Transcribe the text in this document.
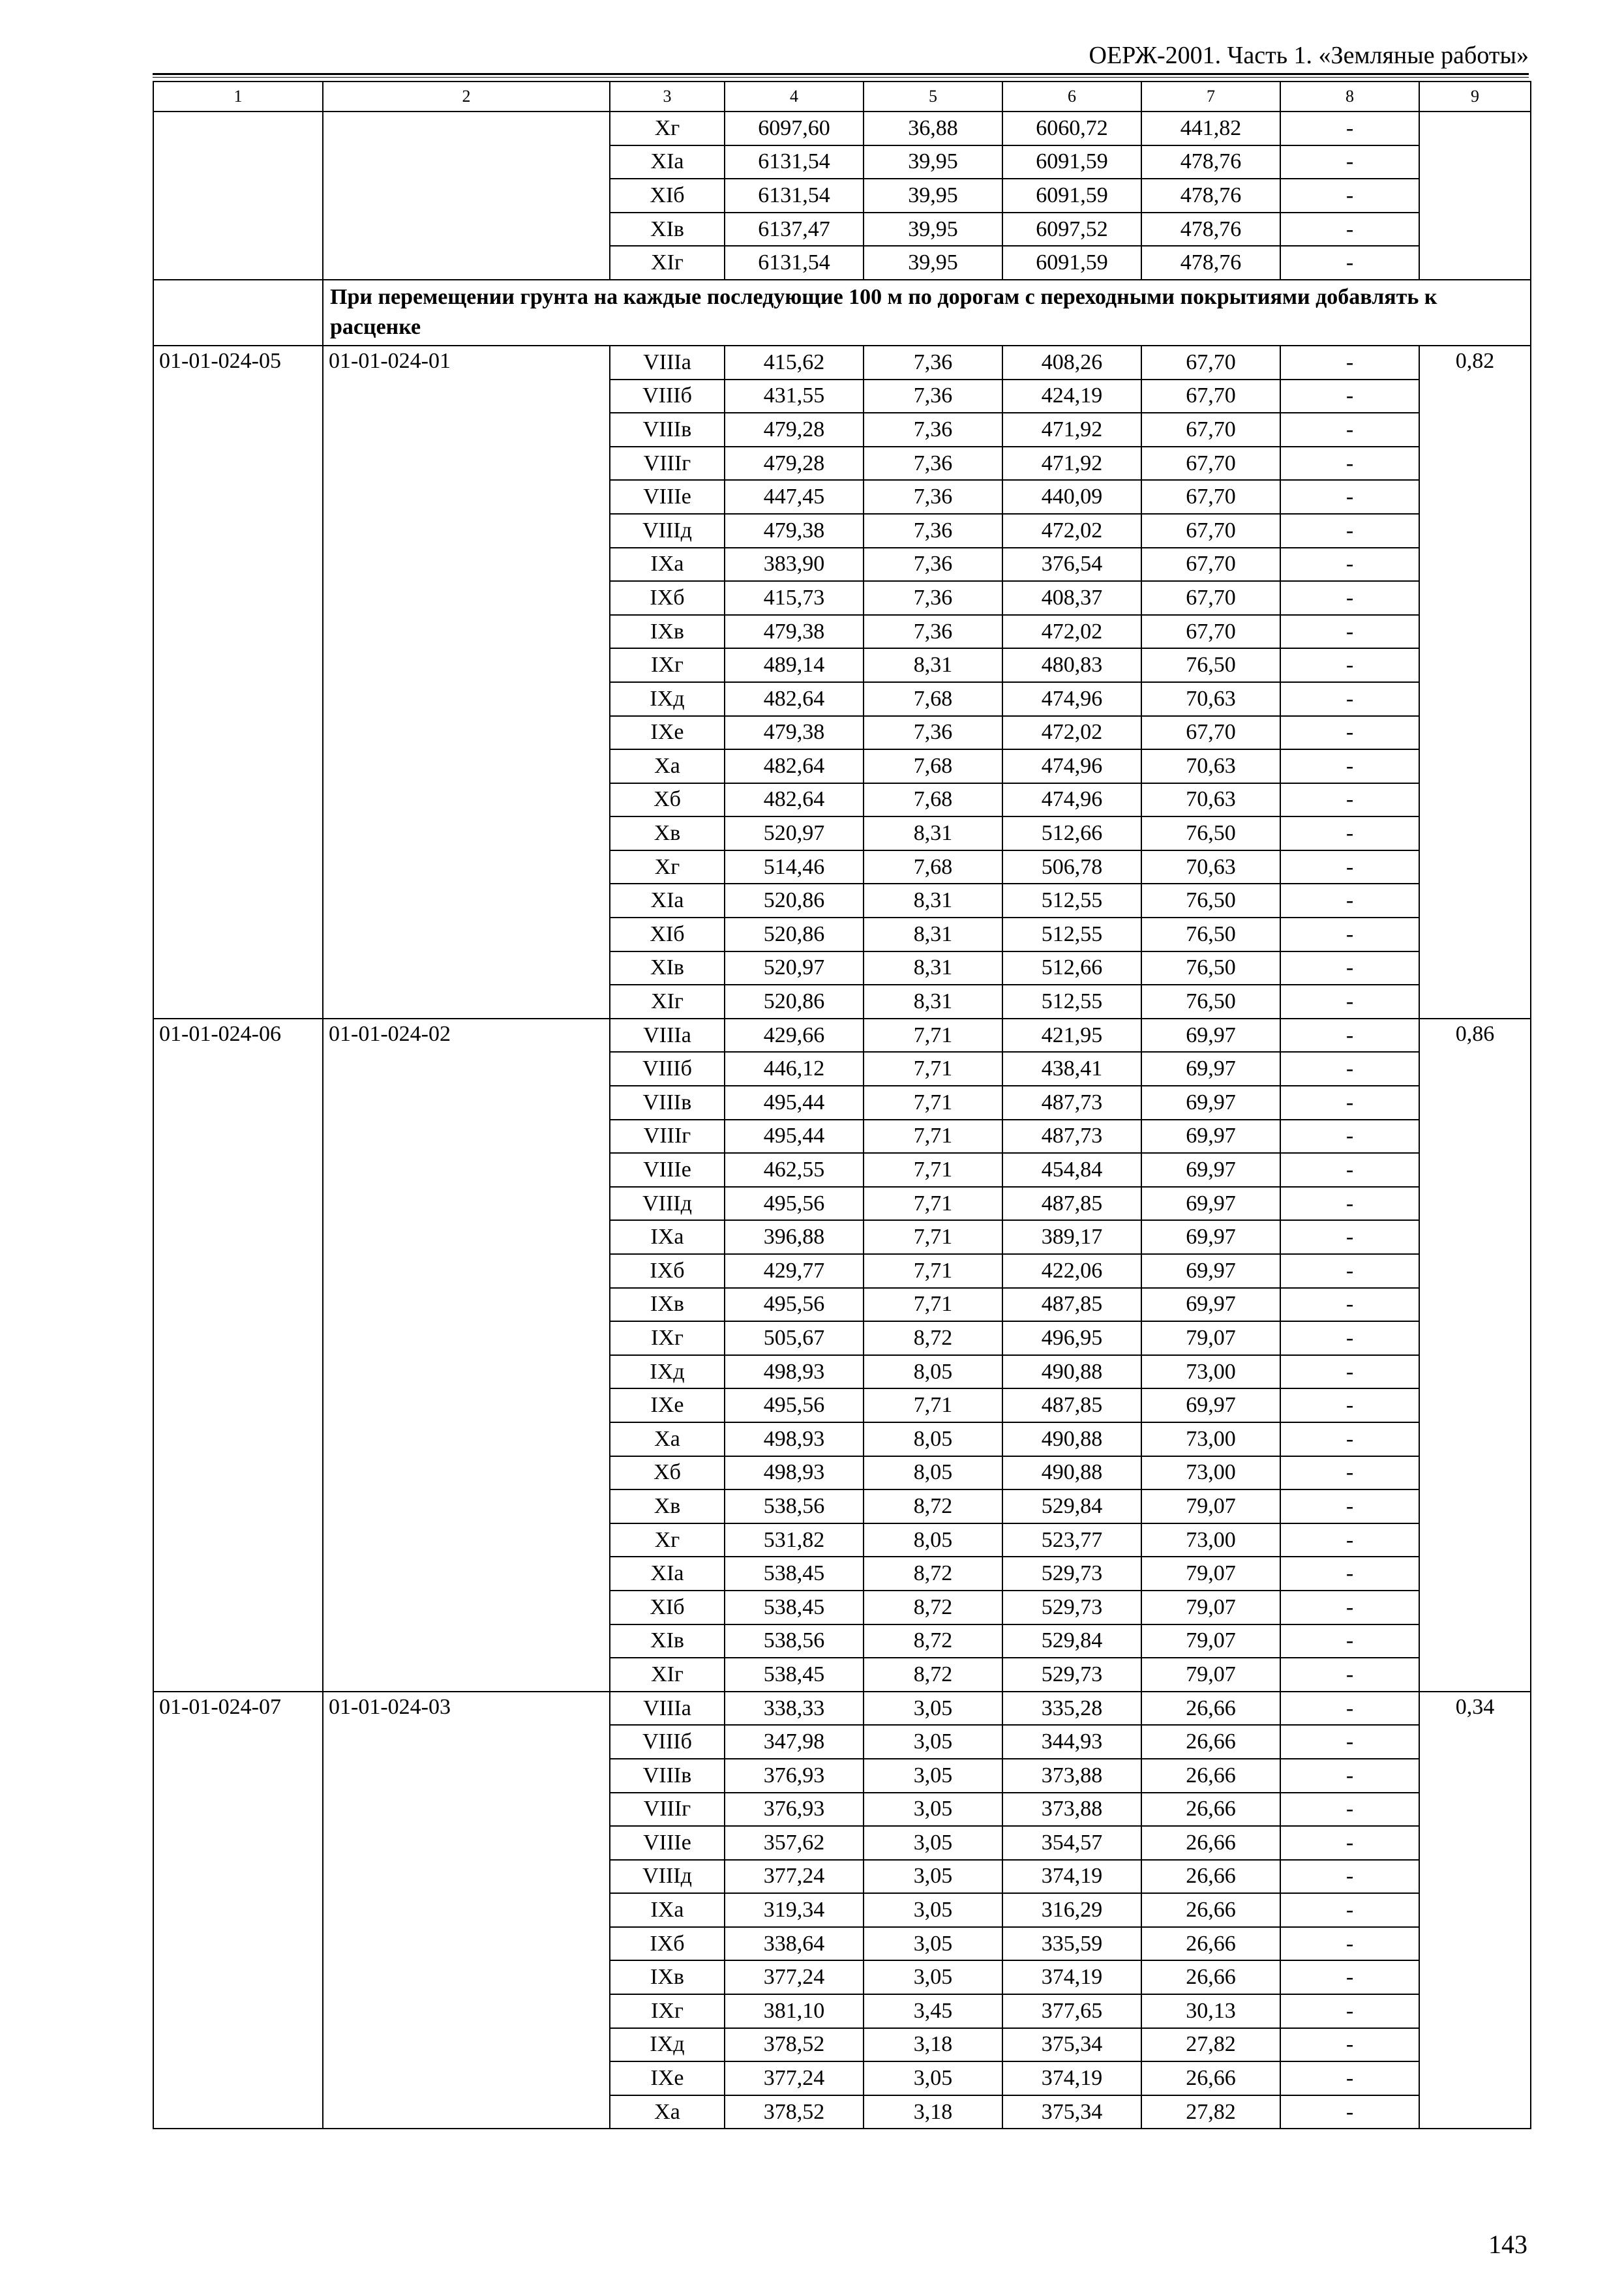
ОЕРЖ-2001. Часть 1. «Земляные работы»
1	2	3	4	5	6	7	8	9
		Xг	6097,60	36,88	6060,72	441,82	-	
		XIа	6131,54	39,95	6091,59	478,76	-	
		XIб	6131,54	39,95	6091,59	478,76	-	
		XIв	6137,47	39,95	6097,52	478,76	-	
		XIг	6131,54	39,95	6091,59	478,76	-	
	При перемещении грунта на каждые последующие 100 м по дорогам с переходными покрытиями добавлять к расценке							
01-01-024-05	01-01-024-01	VIIIа	415,62	7,36	408,26	67,70	-	0,82
		VIIIб	431,55	7,36	424,19	67,70	-	
		VIIIв	479,28	7,36	471,92	67,70	-	
		VIIIг	479,28	7,36	471,92	67,70	-	
		VIIIе	447,45	7,36	440,09	67,70	-	
		VIIIд	479,38	7,36	472,02	67,70	-	
		IXа	383,90	7,36	376,54	67,70	-	
		IXб	415,73	7,36	408,37	67,70	-	
		IXв	479,38	7,36	472,02	67,70	-	
		IXг	489,14	8,31	480,83	76,50	-	
		IXд	482,64	7,68	474,96	70,63	-	
		IXе	479,38	7,36	472,02	67,70	-	
		Xа	482,64	7,68	474,96	70,63	-	
		Xб	482,64	7,68	474,96	70,63	-	
		Xв	520,97	8,31	512,66	76,50	-	
		Xг	514,46	7,68	506,78	70,63	-	
		XIа	520,86	8,31	512,55	76,50	-	
		XIб	520,86	8,31	512,55	76,50	-	
		XIв	520,97	8,31	512,66	76,50	-	
		XIг	520,86	8,31	512,55	76,50	-	
01-01-024-06	01-01-024-02	VIIIа	429,66	7,71	421,95	69,97	-	0,86
		VIIIб	446,12	7,71	438,41	69,97	-	
		VIIIв	495,44	7,71	487,73	69,97	-	
		VIIIг	495,44	7,71	487,73	69,97	-	
		VIIIе	462,55	7,71	454,84	69,97	-	
		VIIIд	495,56	7,71	487,85	69,97	-	
		IXа	396,88	7,71	389,17	69,97	-	
		IXб	429,77	7,71	422,06	69,97	-	
		IXв	495,56	7,71	487,85	69,97	-	
		IXг	505,67	8,72	496,95	79,07	-	
		IXд	498,93	8,05	490,88	73,00	-	
		IXе	495,56	7,71	487,85	69,97	-	
		Xа	498,93	8,05	490,88	73,00	-	
		Xб	498,93	8,05	490,88	73,00	-	
		Xв	538,56	8,72	529,84	79,07	-	
		Xг	531,82	8,05	523,77	73,00	-	
		XIа	538,45	8,72	529,73	79,07	-	
		XIб	538,45	8,72	529,73	79,07	-	
		XIв	538,56	8,72	529,84	79,07	-	
		XIг	538,45	8,72	529,73	79,07	-	
01-01-024-07	01-01-024-03	VIIIа	338,33	3,05	335,28	26,66	-	0,34
		VIIIб	347,98	3,05	344,93	26,66	-	
		VIIIв	376,93	3,05	373,88	26,66	-	
		VIIIг	376,93	3,05	373,88	26,66	-	
		VIIIе	357,62	3,05	354,57	26,66	-	
		VIIIд	377,24	3,05	374,19	26,66	-	
		IXа	319,34	3,05	316,29	26,66	-	
		IXб	338,64	3,05	335,59	26,66	-	
		IXв	377,24	3,05	374,19	26,66	-	
		IXг	381,10	3,45	377,65	30,13	-	
		IXд	378,52	3,18	375,34	27,82	-	
		IXе	377,24	3,05	374,19	26,66	-	
		Xа	378,52	3,18	375,34	27,82	-	
143
